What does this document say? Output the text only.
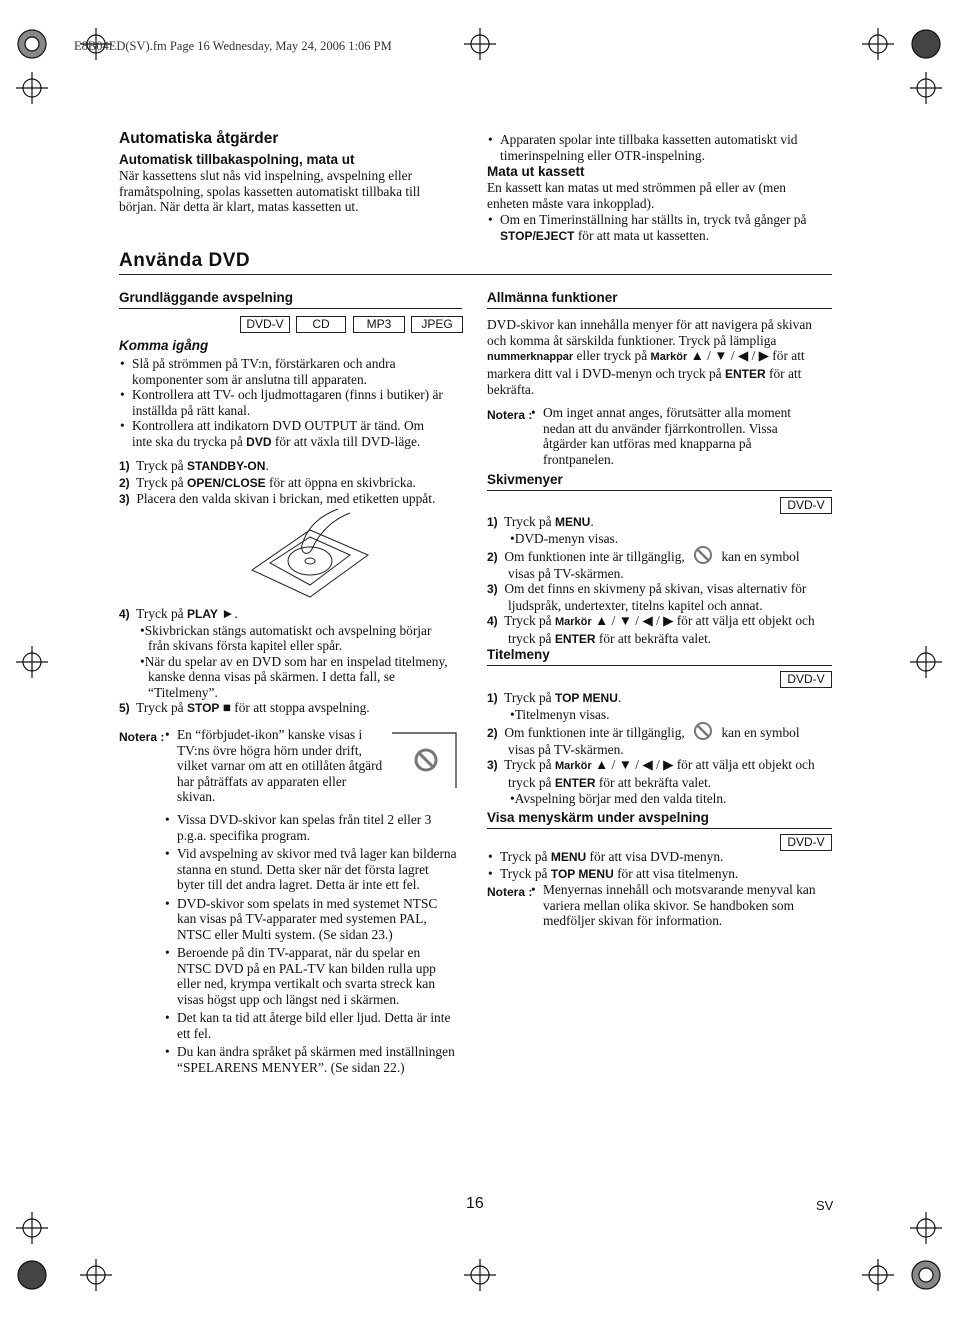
E8B04ED(SV).fm Page 16 Wednesday, May 24, 2006 1:06 PM
Automatiska åtgärder
Automatisk tillbakaspolning, mata ut

När kassettens slut nås vid inspelning, avspelning eller

framåtspolning, spolas kassetten automatiskt tillbaka till

början. När detta är klart, matas kassetten ut.

• Apparaten spolar inte tillbaka kassetten automatiskt vid

timerinspelning eller OTR-inspelning.

Mata ut kassett

En kassett kan matas ut med strömmen på eller av (men

enheten måste vara inkopplad).

• Om en Timerinställning har ställts in, tryck två gånger på

STOP/EJECT för att mata ut kassetten.

Använda DVD
Grundläggande avspelning
DVD-V	CD	MP3	JPEG
Komma igång

• Slå på strömmen på TV:n, förstärkaren och andra

komponenter som är anslutna till apparaten.

• Kontrollera att TV- och ljudmottagaren (finns i butiker) är

inställda på rätt kanal.

• Kontrollera att indikatorn DVD OUTPUT är tänd. Om

inte ska du trycka på DVD för att växla till DVD-läge.

1) Tryck på STANDBY-ON.

2) Tryck på OPEN/CLOSE för att öppna en skivbricka.

3) Placera den valda skivan i brickan, med etiketten uppåt.

4) Tryck på PLAY ►.

•Skivbrickan stängs automatiskt och avspelning börjar

från skivans första kapitel eller spår.

•När du spelar av en DVD som har en inspelad titelmeny,

kanske denna visas på skärmen. I detta fall, se

“Titelmeny”.

5) Tryck på STOP ■ för att stoppa avspelning.

Notera : • En “förbjudet-ikon” kanske visas i

TV:ns övre högra hörn under drift,

vilket varnar om att en otillåten åtgärd

har påträffats av apparaten eller

skivan.

• Vissa DVD-skivor kan spelas från titel 2 eller 3

p.g.a. specifika program.

• Vid avspelning av skivor med två lager kan bilderna

stanna en stund. Detta sker när det första lagret

byter till det andra lagret. Detta är inte ett fel.

• DVD-skivor som spelats in med systemet NTSC

kan visas på TV-apparater med systemen PAL,

NTSC eller Multi system. (Se sidan 23.)

• Beroende på din TV-apparat, när du spelar en

NTSC DVD på en PAL-TV kan bilden rulla upp

eller ned, krympa vertikalt och svarta streck kan

visas högst upp och längst ned i skärmen.

• Det kan ta tid att återge bild eller ljud. Detta är inte

ett fel.

• Du kan ändra språket på skärmen med inställningen

“SPELARENS MENYER”. (Se sidan 22.)

Allmänna funktioner

DVD-skivor kan innehålla menyer för att navigera på skivan

och komma åt särskilda funktioner. Tryck på lämpliga

nummerknappar eller tryck på Markör ▲ / ▼ / ◀ / ▶ för att

markera ditt val i DVD-menyn och tryck på ENTER för att

bekräfta.

Notera : • Om inget annat anges, förutsätter alla moment

nedan att du använder fjärrkontrollen. Vissa

åtgärder kan utföras med knapparna på

frontpanelen.

Skivmenyer
DVD-V

1) Tryck på MENU.

•DVD-menyn visas.

2) Om funktionen inte är tillgänglig,	kan en symbol

visas på TV-skärmen.

3) Om det finns en skivmeny på skivan, visas alternativ för

ljudspråk, undertexter, titelns kapitel och annat.

4) Tryck på Markör ▲ / ▼ / ◀ / ▶ för att välja ett objekt och

tryck på ENTER för att bekräfta valet.

Titelmeny
DVD-V

1) Tryck på TOP MENU.

•Titelmenyn visas.

2) Om funktionen inte är tillgänglig,	kan en symbol

visas på TV-skärmen.

3) Tryck på Markör ▲ / ▼ / ◀ / ▶ för att välja ett objekt och

tryck på ENTER för att bekräfta valet.

•Avspelning börjar med den valda titeln.

Visa menyskärm under avspelning
DVD-V

• Tryck på MENU för att visa DVD-menyn.

• Tryck på TOP MENU för att visa titelmenyn.

Notera : • Menyernas innehåll och motsvarande menyval kan

variera mellan olika skivor. Se handboken som

medföljer skivan för information.

16	SV
